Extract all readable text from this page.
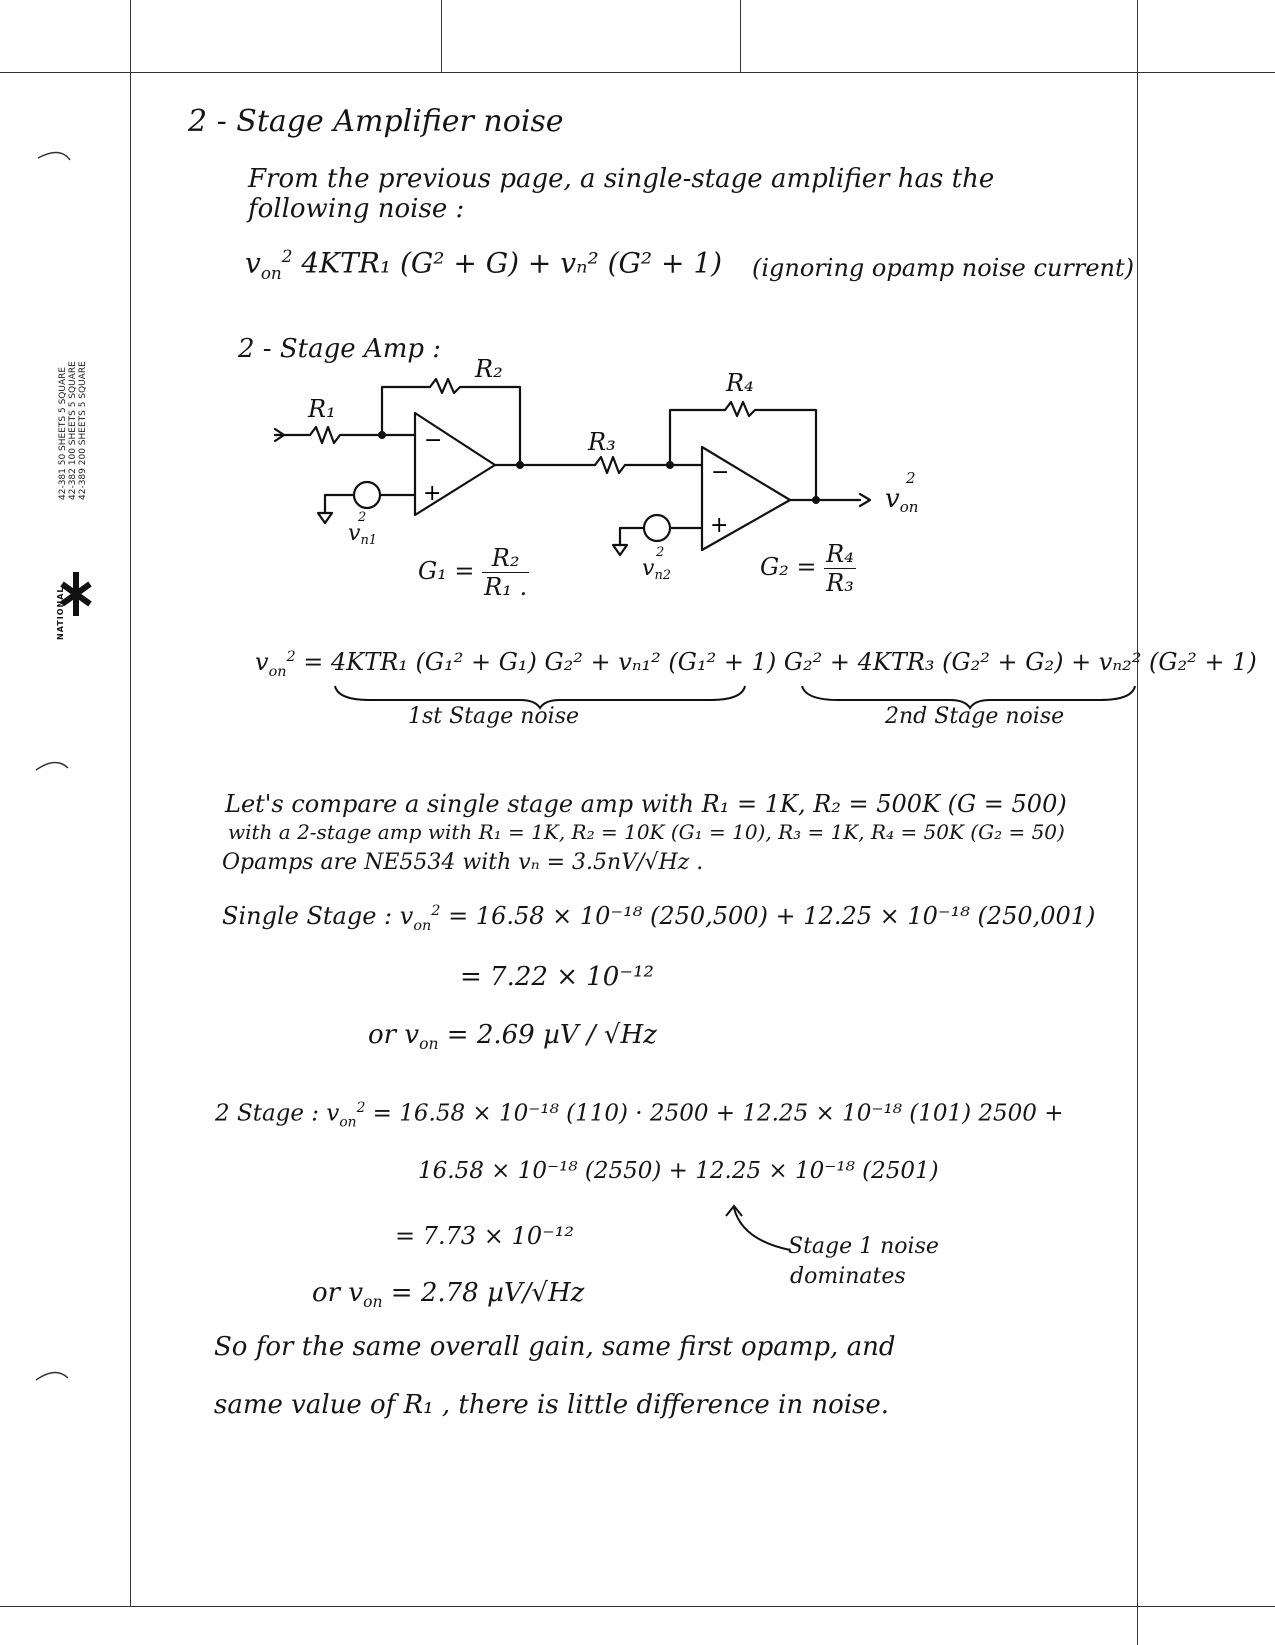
42-381 50 SHEETS 5 SQUARE 42-382 100 SHEETS 5 SQUARE 42-389 200 SHEETS 5 SQUARE
NATIONAL
2 - Stage Amplifier noise
From the previous page, a single-stage amplifier has the
following noise :
$v_{on}^2$ 4KTR₁ (G² + G) + vₙ² (G² + 1) (ignoring opamp noise current)
2 - Stage Amp :
−
+
−
+
R₁
R₂
R₃
R₄
vn1
vn2
von
2
2
2
$G_1 = \frac{\text{R₂}}{\text{R₁ .}}$	$G_2 = \frac{\text{R₄}}{\text{R₃}}$
$v_{on}^2 = 4KTR_1$ (G₁² + G₁) G₂² + vₙ₁² (G₁² + 1) G₂² + 4KTR₃ (G₂² + G₂) + vₙ₂² (G₂² + 1)
1st Stage noise	2nd Stage noise
Let's compare a single stage amp with R₁ = 1K, R₂ = 500K (G = 500)
with a 2-stage amp with R₁ = 1K, R₂ = 10K (G₁ = 10), R₃ = 1K, R₄ = 50K (G₂ = 50)
Opamps are NE5534 with vₙ = 3.5nV/√Hz .
Single Stage : $v_{on}^2 = 16.58 \times 10^{-18}$ (250,500) + 12.25 × 10⁻¹⁸ (250,001)
= 7.22 × 10⁻¹²
or $v_{on} = 2.69$ µV / √Hz
2 Stage : $v_{on}^2 = 16.58 \times 10^{-18}$ (110) · 2500 + 12.25 × 10⁻¹⁸ (101) 2500 +
16.58 × 10⁻¹⁸ (2550) + 12.25 × 10⁻¹⁸ (2501)
= 7.73 × 10⁻¹²
or $v_{on} = 2.78$ µV/√Hz
Stage 1 noise
dominates
So for the same overall gain, same first opamp, and
same value of R₁ , there is little difference in noise.
